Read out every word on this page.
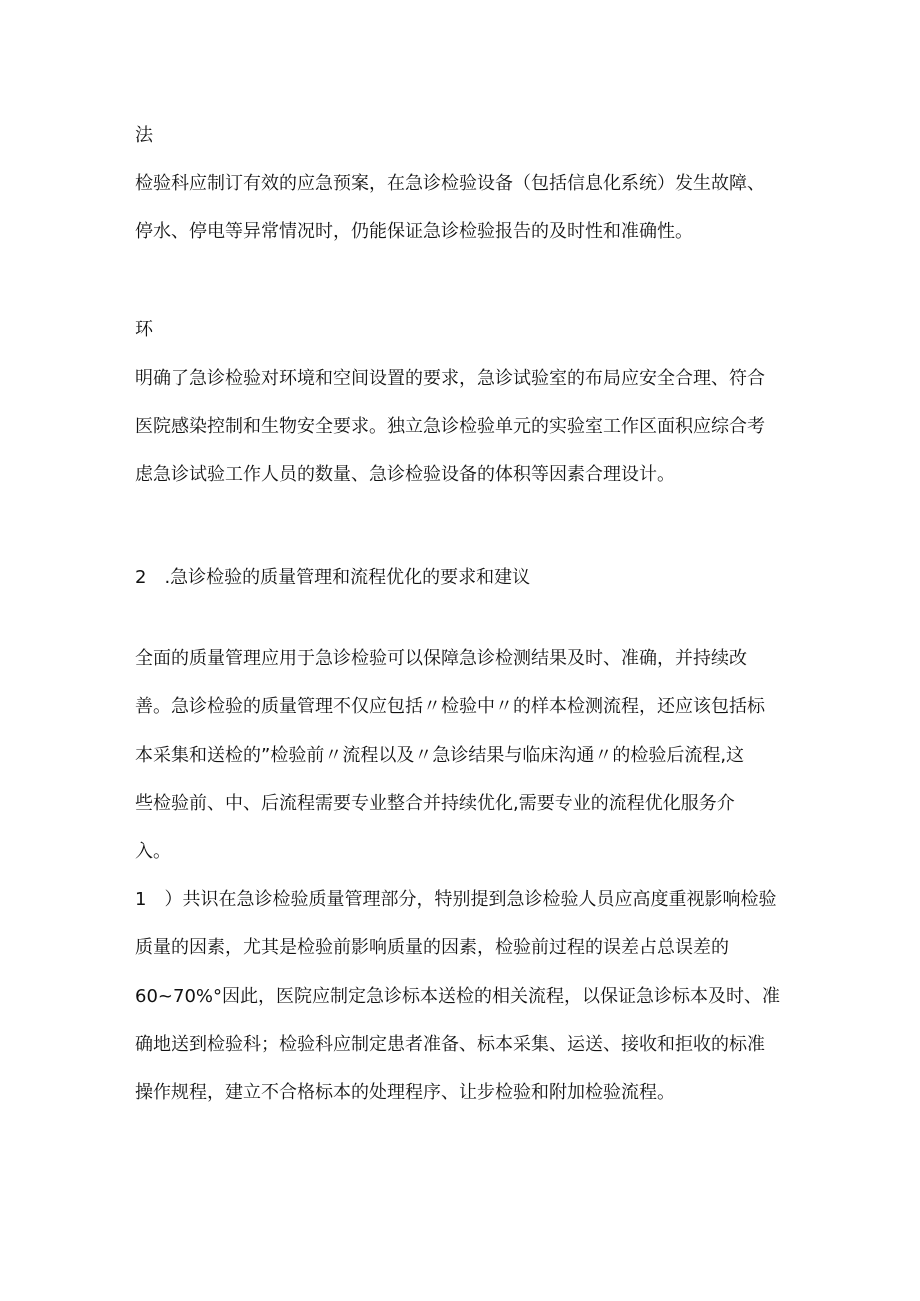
法
检验科应制订有效的应急预案，在急诊检验设备（包括信息化系统）发生故障、
停水、停电等异常情况时，仍能保证急诊检验报告的及时性和准确性。
环
明确了急诊检验对环境和空间设置的要求，急诊试验室的布局应安全合理、符合
医院感染控制和生物安全要求。独立急诊检验单元的实验室工作区面积应综合考
虑急诊试验工作人员的数量、急诊检验设备的体积等因素合理设计。
2　.急诊检验的质量管理和流程优化的要求和建议
全面的质量管理应用于急诊检验可以保障急诊检测结果及时、准确，并持续改
善。急诊检验的质量管理不仅应包括〃检验中〃的样本检测流程，还应该包括标
本采集和送检的”检验前〃流程以及〃急诊结果与临床沟通〃的检验后流程,这
些检验前、中、后流程需要专业整合并持续优化,需要专业的流程优化服务介
入。
1　）共识在急诊检验质量管理部分，特别提到急诊检验人员应高度重视影响检验
质量的因素，尤其是检验前影响质量的因素，检验前过程的误差占总误差的
60~70%°因此，医院应制定急诊标本送检的相关流程，以保证急诊标本及时、准
确地送到检验科；检验科应制定患者准备、标本采集、运送、接收和拒收的标准
操作规程，建立不合格标本的处理程序、让步检验和附加检验流程。
